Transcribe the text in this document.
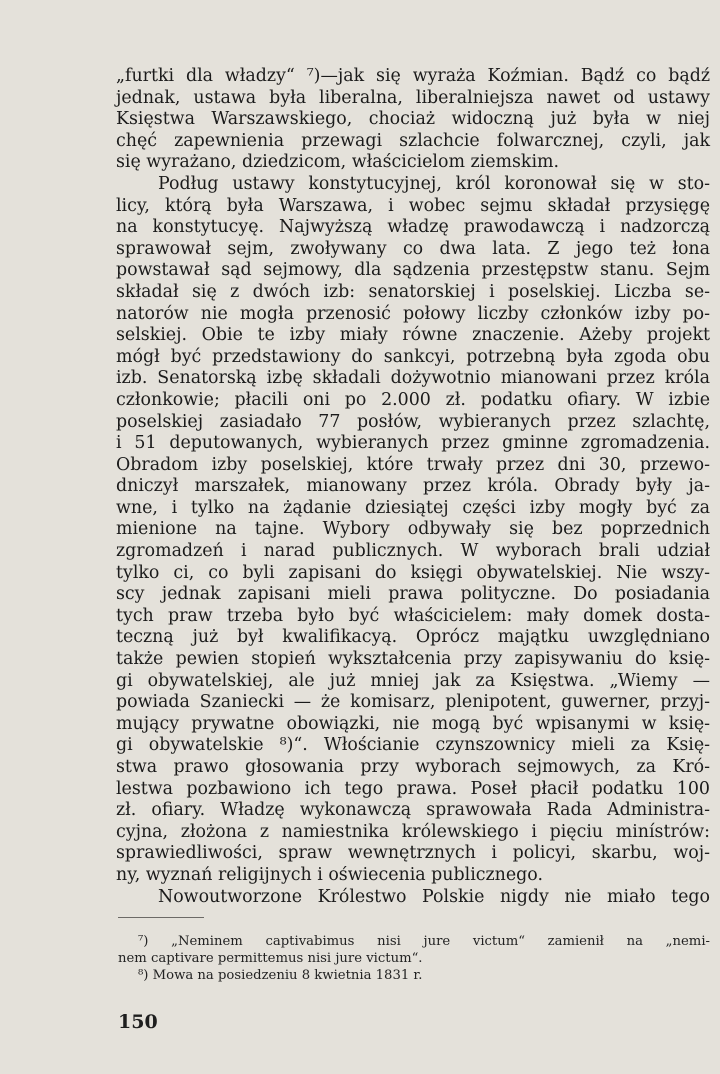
„furtki dla władzy“ ⁷)—jak się wyraża Koźmian. Bądź co bądź
jednak, ustawa była liberalna, liberalniejsza nawet od ustawy
Księstwa Warszawskiego, chociaż widoczną już była w niej
chęć zapewnienia przewagi szlachcie folwarcznej, czyli, jak
się wyrażano, dziedzicom, właścicielom ziemskim.
Podług ustawy konstytucyjnej, król koronował się w sto-
licy, którą była Warszawa, i wobec sejmu składał przysięgę
na konstytucyę. Najwyższą władzę prawodawczą i nadzorczą
sprawował sejm, zwoływany co dwa lata. Z jego też łona
powstawał sąd sejmowy, dla sądzenia przestępstw stanu. Sejm
składał się z dwóch izb: senatorskiej i poselskiej. Liczba se-
natorów nie mogła przenosić połowy liczby członków izby po-
selskiej. Obie te izby miały równe znaczenie. Ażeby projekt
mógł być przedstawiony do sankcyi, potrzebną była zgoda obu
izb. Senatorską izbę składali dożywotnio mianowani przez króla
członkowie; płacili oni po 2.000 zł. podatku ofiary. W izbie
poselskiej zasiadało 77 posłów, wybieranych przez szlachtę,
i 51 deputowanych, wybieranych przez gminne zgromadzenia.
Obradom izby poselskiej, które trwały przez dni 30, przewo-
dniczył marszałek, mianowany przez króla. Obrady były ja-
wne, i tylko na żądanie dziesiątej części izby mogły być za
mienione na tajne. Wybory odbywały się bez poprzednich
zgromadzeń i narad publicznych. W wyborach brali udział
tylko ci, co byli zapisani do księgi obywatelskiej. Nie wszy-
scy jednak zapisani mieli prawa polityczne. Do posiadania
tych praw trzeba było być właścicielem: mały domek dosta-
teczną już był kwalifikacyą. Oprócz majątku uwzględniano
także pewien stopień wykształcenia przy zapisywaniu do księ-
gi obywatelskiej, ale już mniej jak za Księstwa. „Wiemy —
powiada Szaniecki — że komisarz, plenipotent, guwerner, przyj-
mujący prywatne obowiązki, nie mogą być wpisanymi w księ-
gi obywatelskie ⁸)“. Włościanie czynszownicy mieli za Księ-
stwa prawo głosowania przy wyborach sejmowych, za Kró-
lestwa pozbawiono ich tego prawa. Poseł płacił podatku 100
zł. ofiary. Władzę wykonawczą sprawowała Rada Administra-
cyjna, złożona z namiestnika królewskiego i pięciu minístrów:
sprawiedliwości, spraw wewnętrznych i policyi, skarbu, woj-
ny, wyznań religijnych i oświecenia publicznego.
Nowoutworzone Królestwo Polskie nigdy nie miało tego
⁷) „Neminem captivabimus nisi jure victum“ zamienił na „nemi-
nem captivare permittemus nisi jure victum“.
⁸) Mowa na posiedzeniu 8 kwietnia 1831 r.
150
